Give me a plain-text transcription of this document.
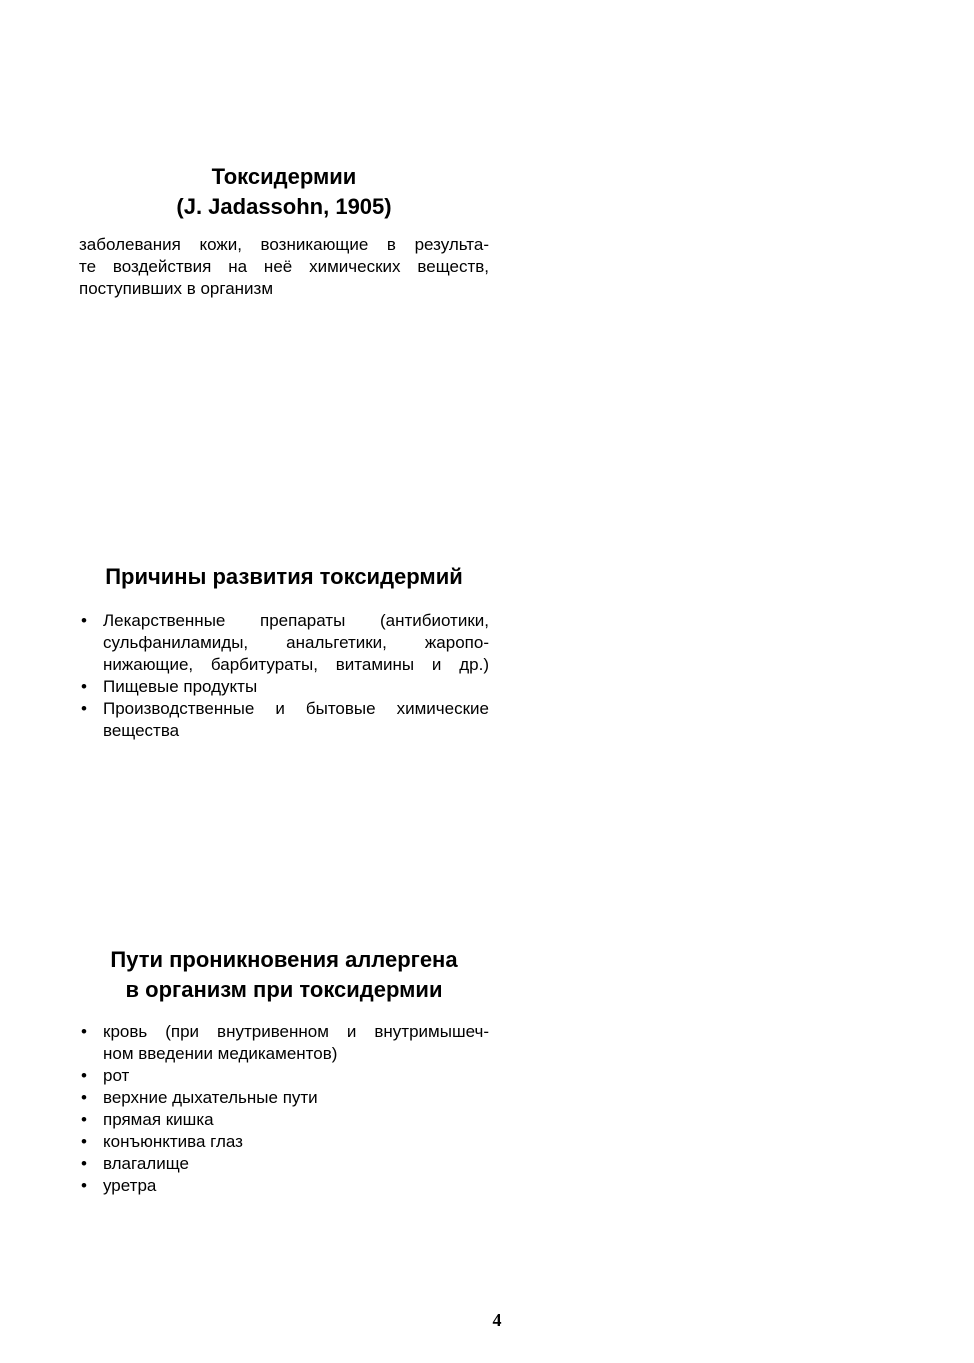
Токсидермии
(J. Jadassohn, 1905)

заболевания кожи, возникающие в результа-
те воздействия на неё химических веществ,
поступивших в организм

Причины развития токсидермий
• Лекарственные препараты (антибиотики,
сульфаниламиды, анальгетики, жаропо-
нижающие, барбитураты, витамины и др.)
• Пищевые продукты
• Производственные и бытовые химические
вещества
Пути проникновения аллергена
в организм при токсидермии
• кровь (при внутривенном и внутримышеч-
ном введении медикаментов)
• рот
• верхние дыхательные пути
• прямая кишка
• конъюнктива глаз
• влагалище
• уретра
4
